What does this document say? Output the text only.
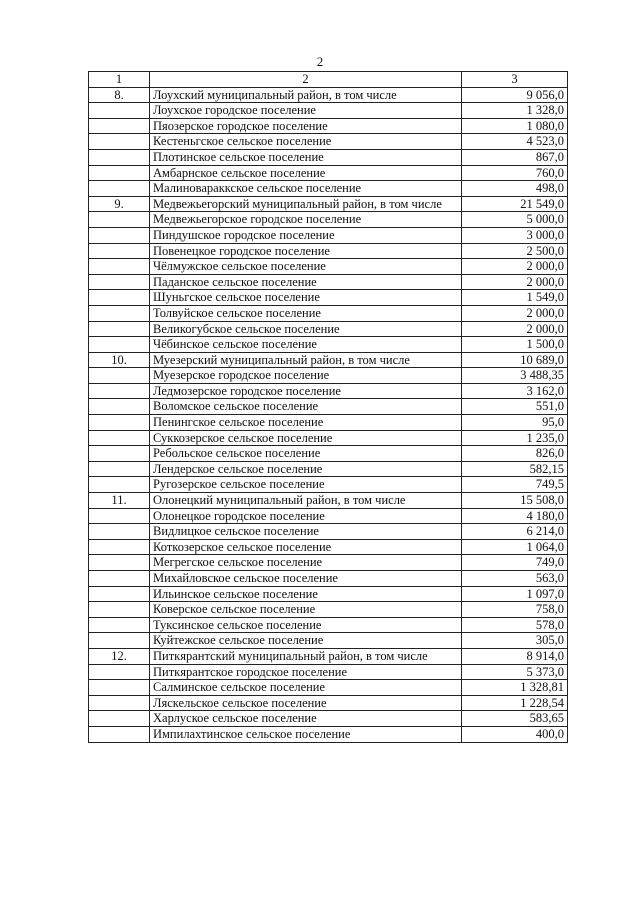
2
1	2	3
8.	Лоухский муниципальный район, в том числе	9 056,0
	Лоухское городское поселение	1 328,0
	Пяозерское городское поселение	1 080,0
	Кестеньгское сельское поселение	4 523,0
	Плотинское сельское поселение	867,0
	Амбарнское сельское поселение	760,0
	Малиновараккское сельское поселение	498,0
9.	Медвежьегорский муниципальный район, в том числе	21 549,0
	Медвежьегорское городское поселение	5 000,0
	Пиндушское городское поселение	3 000,0
	Повенецкое городское поселение	2 500,0
	Чёлмужское сельское поселение	2 000,0
	Паданское сельское поселение	2 000,0
	Шуньгское сельское поселение	1 549,0
	Толвуйское сельское поселение	2 000,0
	Великогубское сельское поселение	2 000,0
	Чёбинское сельское поселение	1 500,0
10.	Муезерский муниципальный район, в том числе	10 689,0
	Муезерское городское поселение	3 488,35
	Ледмозерское городское поселение	3 162,0
	Воломское сельское поселение	551,0
	Пенингское сельское поселение	95,0
	Суккозерское сельское поселение	1 235,0
	Ребольское сельское поселение	826,0
	Лендерское сельское поселение	582,15
	Ругозерское сельское поселение	749,5
11.	Олонецкий муниципальный район, в том числе	15 508,0
	Олонецкое городское поселение	4 180,0
	Видлицкое сельское поселение	6 214,0
	Коткозерское сельское поселение	1 064,0
	Мегрегское сельское поселение	749,0
	Михайловское сельское поселение	563,0
	Ильинское сельское поселение	1 097,0
	Коверское сельское поселение	758,0
	Туксинское сельское поселение	578,0
	Куйтежское сельское поселение	305,0
12.	Питкярантский муниципальный район, в том числе	8 914,0
	Питкярантское городское поселение	5 373,0
	Салминское сельское поселение	1 328,81
	Ляскельское сельское поселение	1 228,54
	Харлуское сельское поселение	583,65
	Импилахтинское сельское поселение	400,0
